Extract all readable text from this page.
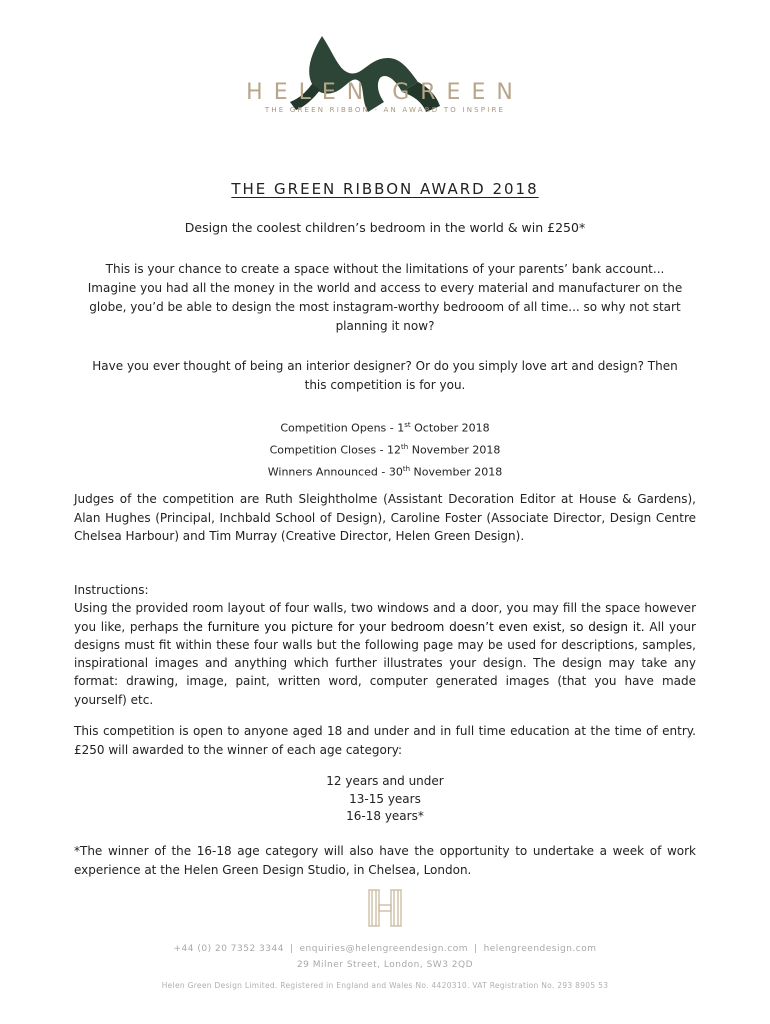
HELEN GREEN
THE GREEN RIBBON - AN AWARD TO INSPIRE
THE GREEN RIBBON AWARD 2018
Design the coolest children’s bedroom in the world & win £250*
This is your chance to create a space without the limitations of your parents’ bank account... Imagine you had all the money in the world and access to every material and manufacturer on the globe, you’d be able to design the most instagram-worthy bedrooom of all time... so why not start planning it now?
Have you ever thought of being an interior designer? Or do you simply love art and design? Then this competition is for you.
Competition Opens - 1st October 2018
Competition Closes - 12th November 2018
Winners Announced - 30th November 2018
Judges of the competition are Ruth Sleightholme (Assistant Decoration Editor at House & Gardens), Alan Hughes (Principal, Inchbald School of Design), Caroline Foster (Associate Director, Design Centre Chelsea Harbour) and Tim Murray (Creative Director, Helen Green Design).
Instructions:
Using the provided room layout of four walls, two windows and a door, you may fill the space however you like, perhaps the furniture you picture for your bedroom doesn’t even exist, so design it. All your designs must fit within these four walls but the following page may be used for descriptions, samples, inspirational images and anything which further illustrates your design. The design may take any format: drawing, image, paint, written word, computer generated images (that you have made yourself) etc.
This competition is open to anyone aged 18 and under and in full time education at the time of entry. £250 will awarded to the winner of each age category:
12 years and under
13-15 years
16-18 years*
*The winner of the 16-18 age category will also have the opportunity to undertake a week of work experience at the Helen Green Design Studio, in Chelsea, London.
+44 (0) 20 7352 3344 | enquiries@helengreendesign.com | helengreendesign.com
29 Milner Street, London, SW3 2QD
Helen Green Design Limited. Registered in England and Wales No. 4420310. VAT Registration No. 293 8905 53
